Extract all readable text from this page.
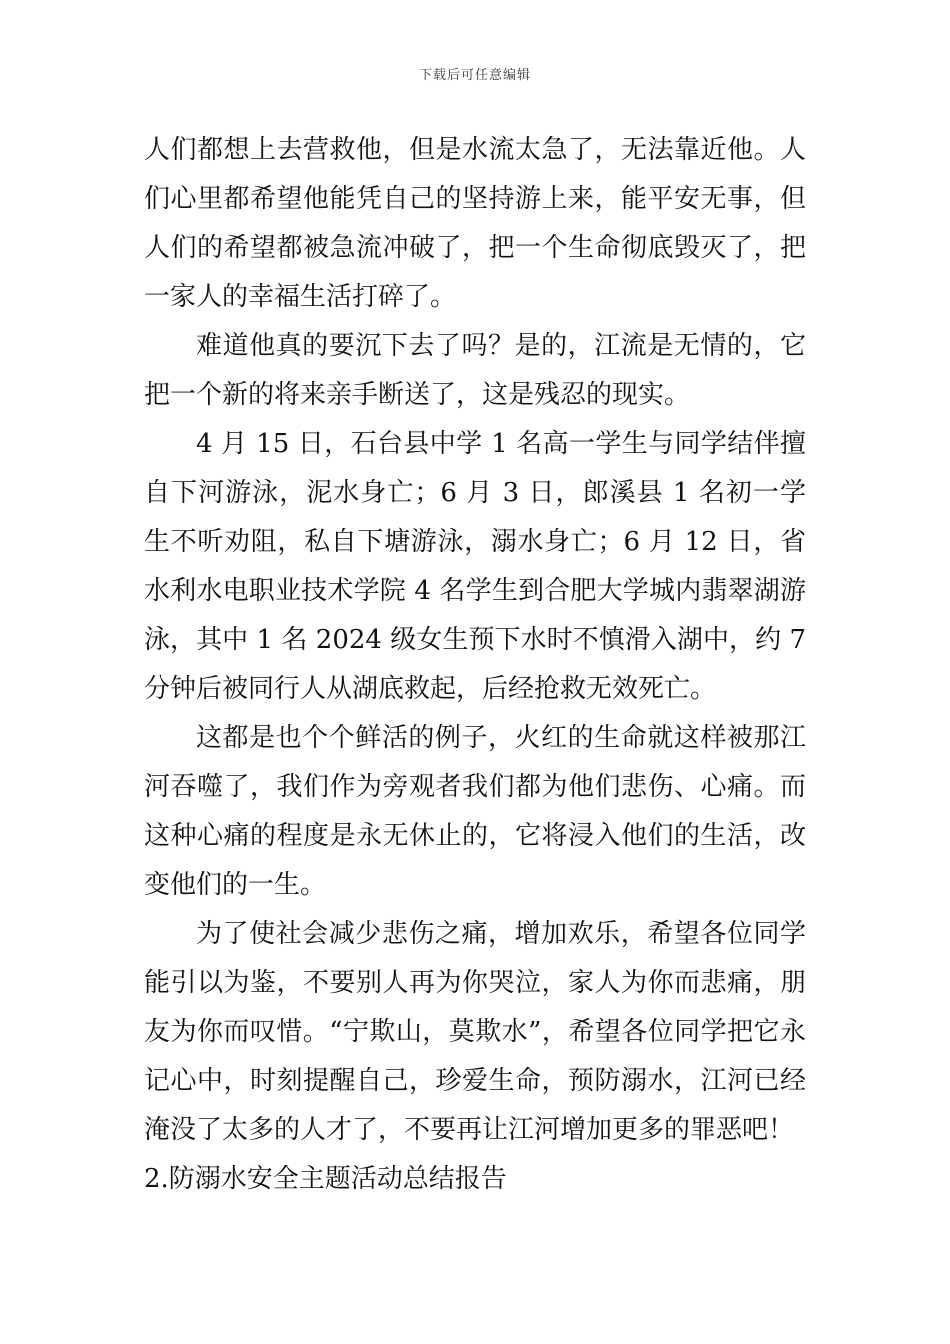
下载后可任意编辑

人们都想上去营救他，但是水流太急了，无法靠近他。人们心里都希望他能凭自己的坚持游上来，能平安无事，但人们的希望都被急流冲破了，把一个生命彻底毁灭了，把一家人的幸福生活打碎了。

难道他真的要沉下去了吗？是的，江流是无情的，它把一个新的将来亲手断送了，这是残忍的现实。

4 月 15 日，石台县中学 1 名高一学生与同学结伴擅自下河游泳，泥水身亡；6 月 3 日，郎溪县 1 名初一学生不听劝阻，私自下塘游泳，溺水身亡；6 月 12 日，省水利水电职业技术学院 4 名学生到合肥大学城内翡翠湖游泳，其中 1 名 2024 级女生预下水时不慎滑入湖中，约 7 分钟后被同行人从湖底救起，后经抢救无效死亡。

这都是也个个鲜活的例子，火红的生命就这样被那江河吞噬了，我们作为旁观者我们都为他们悲伤、心痛。而这种心痛的程度是永无休止的，它将浸入他们的生活，改变他们的一生。

为了使社会减少悲伤之痛，增加欢乐，希望各位同学能引以为鉴，不要别人再为你哭泣，家人为你而悲痛，朋友为你而叹惜。“宁欺山，莫欺水”，希望各位同学把它永记心中，时刻提醒自己，珍爱生命，预防溺水，江河已经淹没了太多的人才了，不要再让江河增加更多的罪恶吧！

2.防溺水安全主题活动总结报告
